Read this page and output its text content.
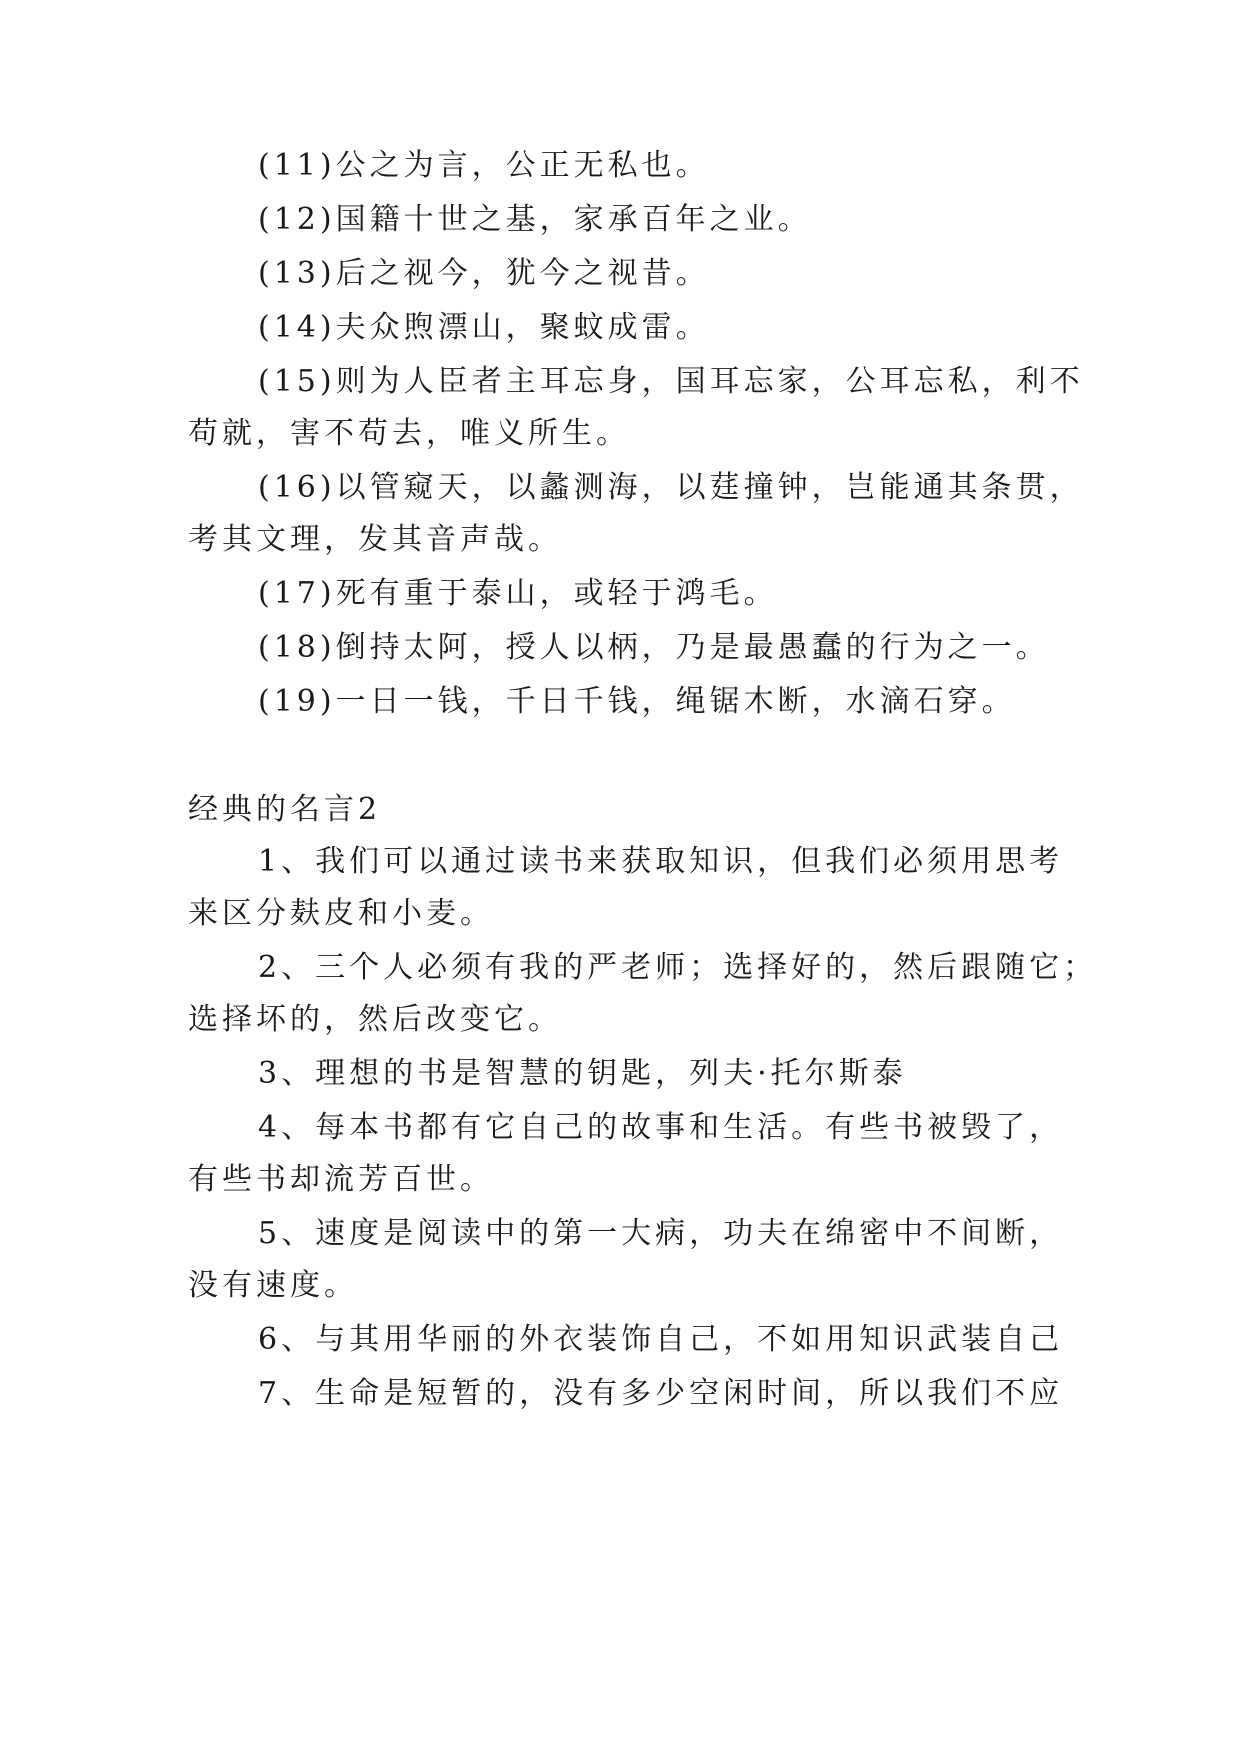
(11)公之为言，公正无私也。
(12)国籍十世之基，家承百年之业。
(13)后之视今，犹今之视昔。
(14)夫众煦漂山，聚蚊成雷。
(15)则为人臣者主耳忘身，国耳忘家，公耳忘私，利不
苟就，害不苟去，唯义所生。
(16)以管窥天，以蠡测海，以莛撞钟，岂能通其条贯，
考其文理，发其音声哉。
(17)死有重于泰山，或轻于鸿毛。
(18)倒持太阿，授人以柄，乃是最愚蠢的行为之一。
(19)一日一钱，千日千钱，绳锯木断，水滴石穿。
经典的名言2
1、我们可以通过读书来获取知识，但我们必须用思考
来区分麸皮和小麦。
2、三个人必须有我的严老师；选择好的，然后跟随它；
选择坏的，然后改变它。
3、理想的书是智慧的钥匙，列夫·托尔斯泰
4、每本书都有它自己的故事和生活。有些书被毁了，
有些书却流芳百世。
5、速度是阅读中的第一大病，功夫在绵密中不间断，
没有速度。
6、与其用华丽的外衣装饰自己，不如用知识武装自己
7、生命是短暂的，没有多少空闲时间，所以我们不应
